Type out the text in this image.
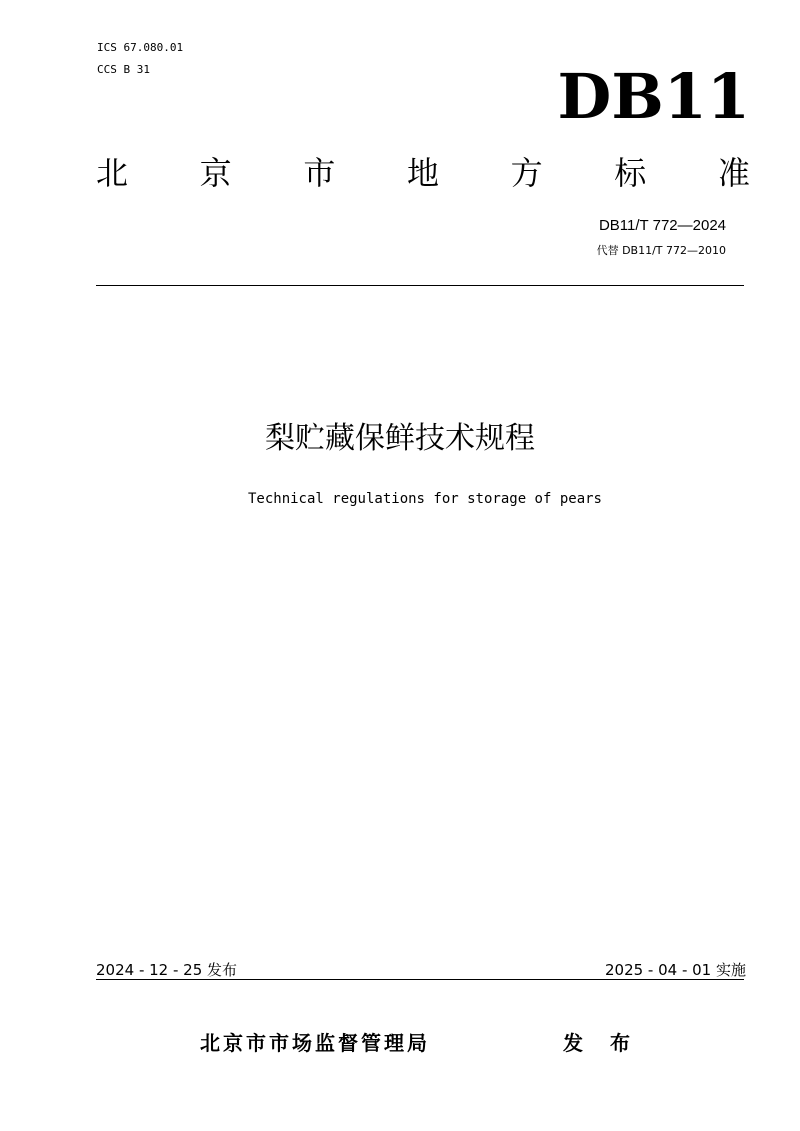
ICS 67.080.01
CCS B 31	DB11
北 京 市 地 方 标 准
DB11/T 772—2024
代替 DB11/T 772—2010
梨贮藏保鲜技术规程
Technical regulations for storage of pears
2024 - 12 - 25 发布	2025 - 04 - 01 实施
北京市市场监督管理局	发 布
